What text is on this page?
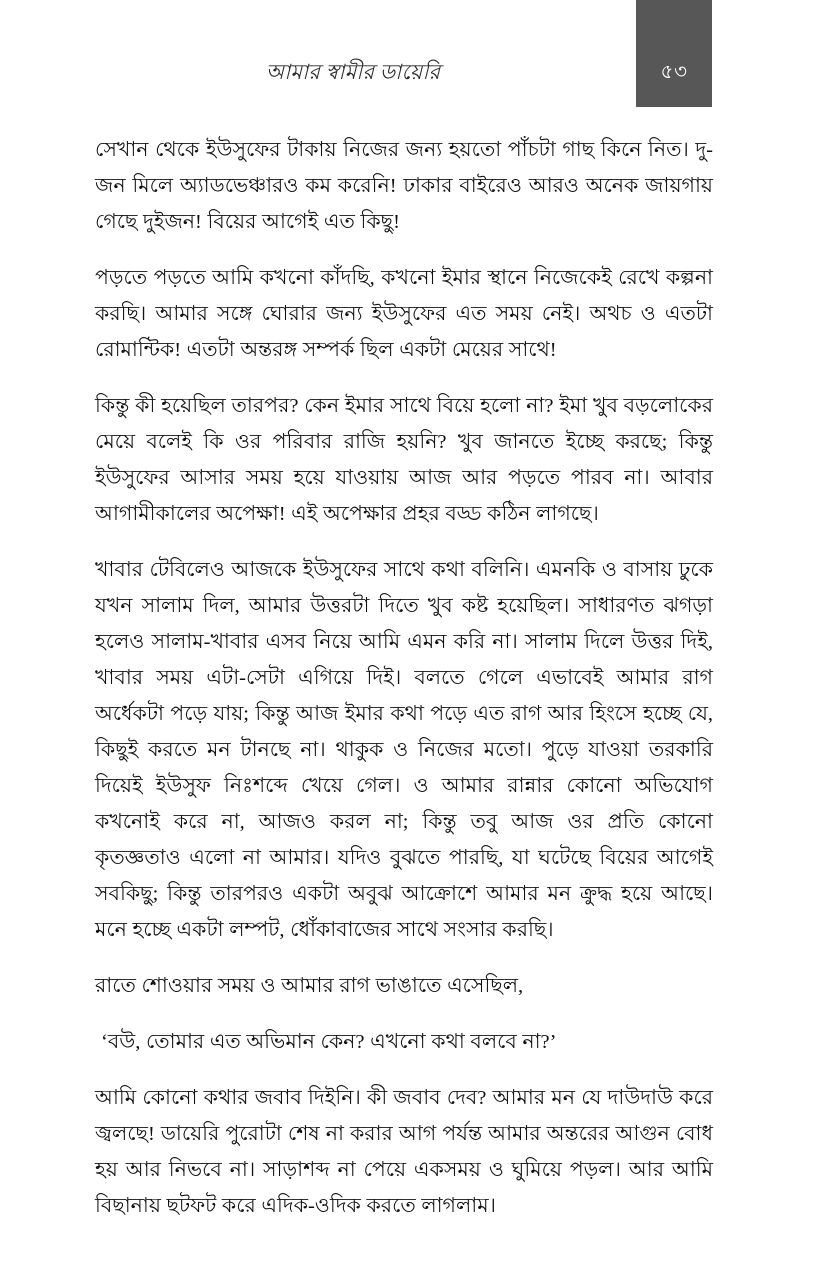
আমার স্বামীর ডায়েরি	৫৩

সেখান থেকে ইউসুফের টাকায় নিজের জন্য হয়তো পাঁচটা গাছ কিনে নিত। দু-জন মিলে অ্যাডভেঞ্চারও কম করেনি! ঢাকার বাইরেও আরও অনেক জায়গায় গেছে দুইজন! বিয়ের আগেই এত কিছু!

পড়তে পড়তে আমি কখনো কাঁদছি, কখনো ইমার স্থানে নিজেকেই রেখে কল্পনা করছি। আমার সঙ্গে ঘোরার জন্য ইউসুফের এত সময় নেই। অথচ ও এতটা রোমান্টিক! এতটা অন্তরঙ্গ সম্পর্ক ছিল একটা মেয়ের সাথে!

কিন্তু কী হয়েছিল তারপর? কেন ইমার সাথে বিয়ে হলো না? ইমা খুব বড়লোকের মেয়ে বলেই কি ওর পরিবার রাজি হয়নি? খুব জানতে ইচ্ছে করছে; কিন্তু ইউসুফের আসার সময় হয়ে যাওয়ায় আজ আর পড়তে পারব না। আবার আগামীকালের অপেক্ষা! এই অপেক্ষার প্রহর বড্ড কঠিন লাগছে।

খাবার টেবিলেও আজকে ইউসুফের সাথে কথা বলিনি। এমনকি ও বাসায় ঢুকে যখন সালাম দিল, আমার উত্তরটা দিতে খুব কষ্ট হয়েছিল। সাধারণত ঝগড়া হলেও সালাম-খাবার এসব নিয়ে আমি এমন করি না। সালাম দিলে উত্তর দিই, খাবার সময় এটা-সেটা এগিয়ে দিই। বলতে গেলে এভাবেই আমার রাগ অর্ধেকটা পড়ে যায়; কিন্তু আজ ইমার কথা পড়ে এত রাগ আর হিংসে হচ্ছে যে, কিছুই করতে মন টানছে না। থাকুক ও নিজের মতো। পুড়ে যাওয়া তরকারি দিয়েই ইউসুফ নিঃশব্দে খেয়ে গেল। ও আমার রান্নার কোনো অভিযোগ কখনোই করে না, আজও করল না; কিন্তু তবু আজ ওর প্রতি কোনো কৃতজ্ঞতাও এলো না আমার। যদিও বুঝতে পারছি, যা ঘটেছে বিয়ের আগেই সবকিছু; কিন্তু তারপরও একটা অবুঝ আক্রোশে আমার মন ক্রুদ্ধ হয়ে আছে। মনে হচ্ছে একটা লম্পট, ধোঁকাবাজের সাথে সংসার করছি।

রাতে শোওয়ার সময় ও আমার রাগ ভাঙাতে এসেছিল,

‘বউ, তোমার এত অভিমান কেন? এখনো কথা বলবে না?’

আমি কোনো কথার জবাব দিইনি। কী জবাব দেব? আমার মন যে দাউদাউ করে জ্বলছে! ডায়েরি পুরোটা শেষ না করার আগ পর্যন্ত আমার অন্তরের আগুন বোধ হয় আর নিভবে না। সাড়াশব্দ না পেয়ে একসময় ও ঘুমিয়ে পড়ল। আর আমি বিছানায় ছটফট করে এদিক-ওদিক করতে লাগলাম।
